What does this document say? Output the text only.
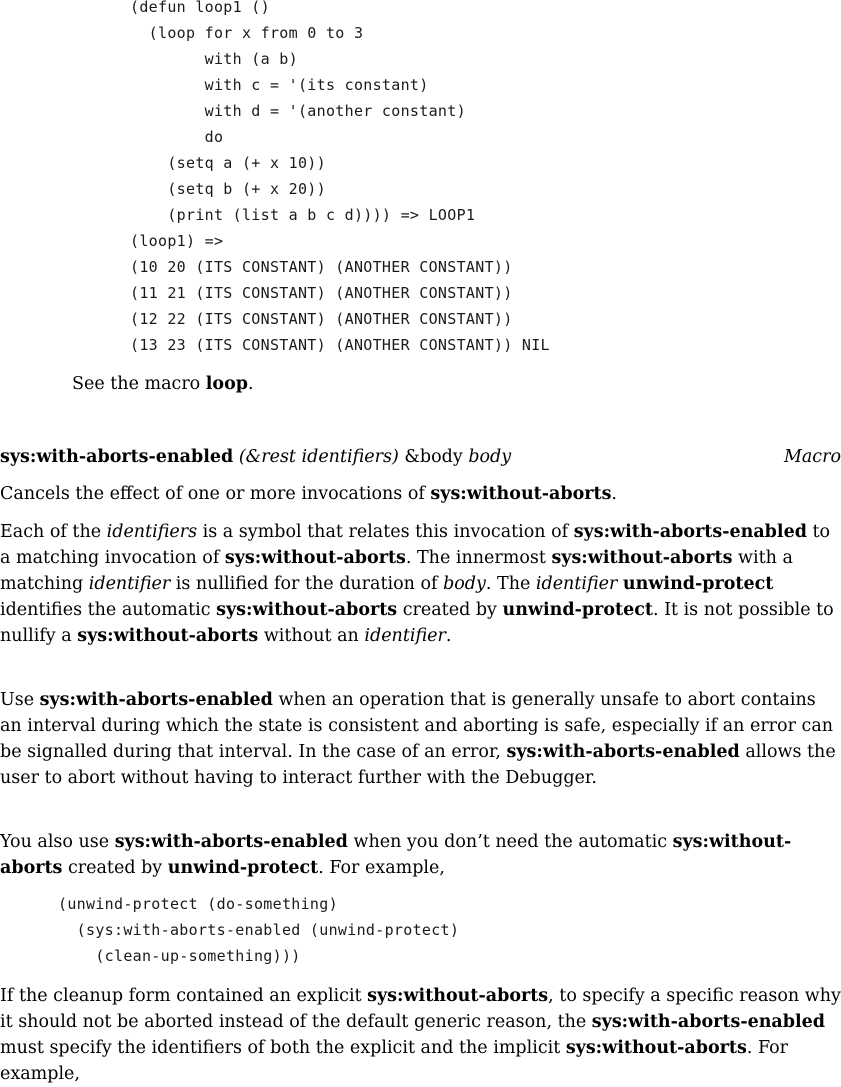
(defun loop1 ()
(loop for x from 0 to 3
with (a b)
with c = '(its constant)
with d = '(another constant)
do
(setq a (+ x 10))
(setq b (+ x 20))
(print (list a b c d)))) => LOOP1
(loop1) =>
(10 20 (ITS CONSTANT) (ANOTHER CONSTANT))
(11 21 (ITS CONSTANT) (ANOTHER CONSTANT))
(12 22 (ITS CONSTANT) (ANOTHER CONSTANT))
(13 23 (ITS CONSTANT) (ANOTHER CONSTANT)) NIL

See the macro loop.

sys:with-aborts-enabled (&rest identifiers) &body body	Macro

Cancels the effect of one or more invocations of sys:without-aborts.

Each of the identifiers is a symbol that relates this invocation of sys:with-aborts-enabled to a matching invocation of sys:without-aborts. The innermost sys:without-aborts with a matching identifier is nullified for the duration of body. The identifier unwind-protect identifies the automatic sys:without-aborts created by unwind-protect. It is not possible to nullify a sys:without-aborts without an identifier.

Use sys:with-aborts-enabled when an operation that is generally unsafe to abort contains an interval during which the state is consistent and aborting is safe, especially if an error can be signalled during that interval. In the case of an error, sys:with-aborts-enabled allows the user to abort without having to interact further with the Debugger.

You also use sys:with-aborts-enabled when you don’t need the automatic sys:without-aborts created by unwind-protect. For example,

(unwind-protect (do-something)
(sys:with-aborts-enabled (unwind-protect)
(clean-up-something)))

If the cleanup form contained an explicit sys:without-aborts, to specify a specific reason why it should not be aborted instead of the default generic reason, the sys:with-aborts-enabled must specify the identifiers of both the explicit and the implicit sys:without-aborts. For example,
